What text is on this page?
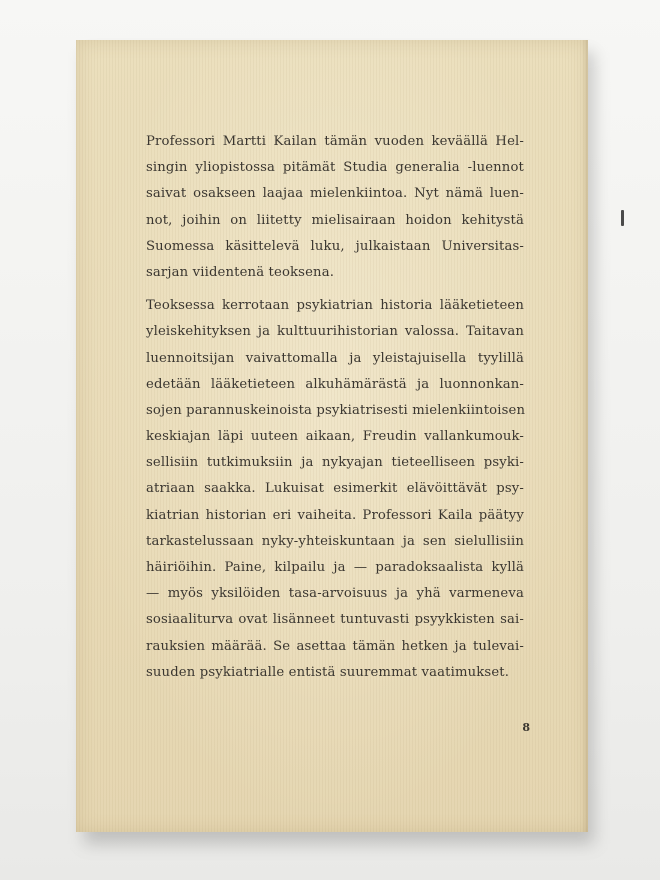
Professori Martti Kailan tämän vuoden keväällä Hel-
singin yliopistossa pitämät Studia generalia -luennot
saivat osakseen laajaa mielenkiintoa. Nyt nämä luen-
not, joihin on liitetty mielisairaan hoidon kehitystä
Suomessa käsittelevä luku, julkaistaan Universitas-
sarjan viidentenä teoksena.
Teoksessa kerrotaan psykiatrian historia lääketieteen
yleiskehityksen ja kulttuurihistorian valossa. Taitavan
luennoitsijan vaivattomalla ja yleistajuisella tyylillä
edetään lääketieteen alkuhämärästä ja luonnonkan-
sojen parannuskeinoista psykiatrisesti mielenkiintoisen
keskiajan läpi uuteen aikaan, Freudin vallankumouk-
sellisiin tutkimuksiin ja nykyajan tieteelliseen psyki-
atriaan saakka. Lukuisat esimerkit elävöittävät psy-
kiatrian historian eri vaiheita. Professori Kaila päätyy
tarkastelussaan nyky-yhteiskuntaan ja sen sielullisiin
häiriöihin. Paine, kilpailu ja — paradoksaalista kyllä
— myös yksilöiden tasa-arvoisuus ja yhä varmeneva
sosiaaliturva ovat lisänneet tuntuvasti psyykkisten sai-
rauksien määrää. Se asettaa tämän hetken ja tulevai-
suuden psykiatrialle entistä suuremmat vaatimukset.
8
